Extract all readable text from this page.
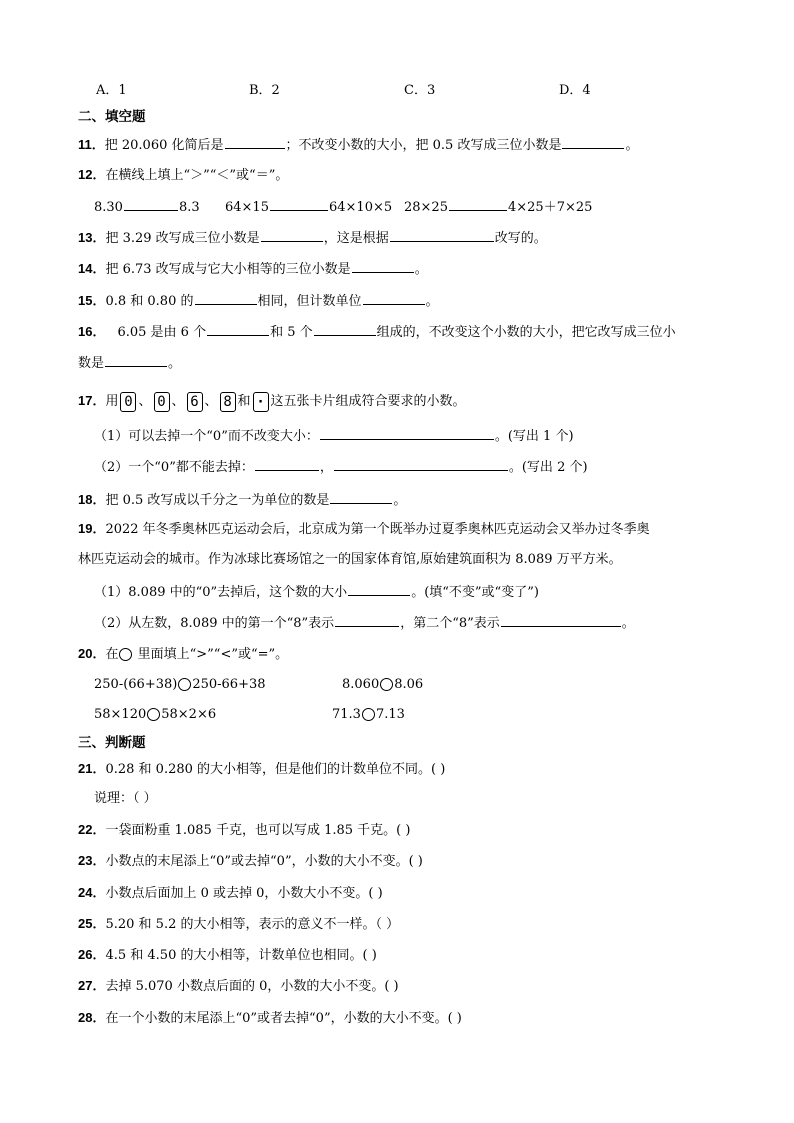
A．1	B．2	C．3	D．4
二、填空题
11．把 20.060 化简后是	；不改变小数的大小，把 0.5 改写成三位小数是	。
12．在横线上填上“＞”“＜”或“＝”。
8.30	8.3 64×15	64×10×5 28×25	4×25＋7×25
13．把 3.29 改写成三位小数是	，这是根据	改写的。
14．把 6.73 改写成与它大小相等的三位小数是	。
15．0.8 和 0.80 的	相同，但计数单位	。
16． 6.05 是由 6 个	和 5 个	组成的，不改变这个小数的大小，把它改写成三位小
数是	。
17．用 0 、 0 、 6 、 8 和 · 这五张卡片组成符合要求的小数。
（1）可以去掉一个“0”而不改变大小：	。(写出 1 个)
（2）一个“0”都不能去掉：	，	。(写出 2 个)
18．把 0.5 改写成以千分之一为单位的数是	。
19．2022 年冬季奥林匹克运动会后，北京成为第一个既举办过夏季奥林匹克运动会又举办过冬季奥
林匹克运动会的城市。作为冰球比赛场馆之一的国家体育馆,原始建筑面积为 8.089 万平方米。
（1）8.089 中的“0”去掉后，这个数的大小	。(填“不变”或“变了”)
（2）从左数，8.089 中的第一个“8”表示	，第二个“8”表示	。
20．在 里面填上“>”“<”或“=”。
250-(66+38) 250-66+38	8.060 8.06
58×120 58×2×6	71.3 7.13
三、判断题
21．0.28 和 0.280 的大小相等，但是他们的计数单位不同。( )
说理：（ ）
22．一袋面粉重 1.085 千克，也可以写成 1.85 千克。( )
23．小数点的末尾添上“0”或去掉“0”，小数的大小不变。( )
24．小数点后面加上 0 或去掉 0，小数大小不变。( )
25．5.20 和 5.2 的大小相等，表示的意义不一样。（ ）
26．4.5 和 4.50 的大小相等，计数单位也相同。( )
27．去掉 5.070 小数点后面的 0，小数的大小不变。( )
28．在一个小数的末尾添上“0”或者去掉“0”，小数的大小不变。( )
